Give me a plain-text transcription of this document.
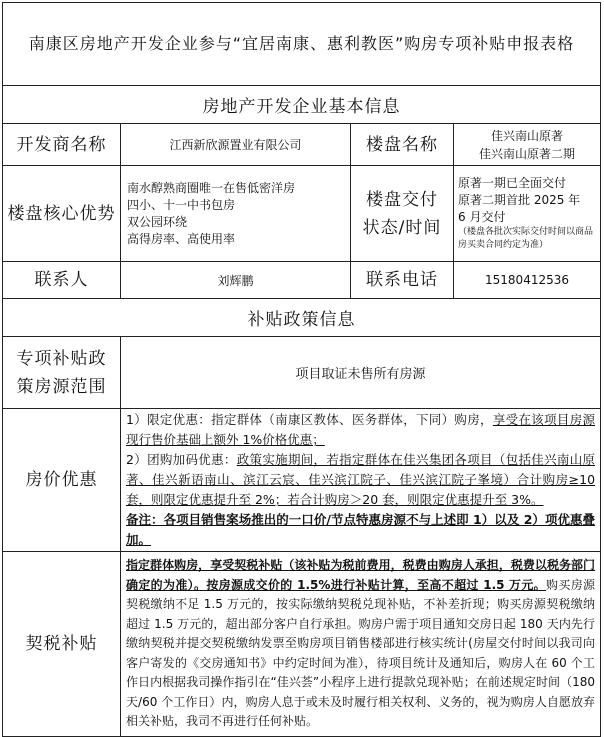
南康区房地产开发企业参与“宜居南康、惠利教医”购房专项补贴申报表格			
房地产开发企业基本信息			
开发商名称	江西新欣源置业有限公司	楼盘名称	佳兴南山原著
佳兴南山原著二期

楼盘核心优势	南水醇熟商圈唯一在售低密洋房
四小、十一中书包房
双公园环绕
高得房率、高使用率	楼盘交付状态/时间	原著一期已全面交付
原著二期首批 2025 年
6 月交付
（楼盘各批次实际交付时间以商品房买卖合同约定为准）

联系人	刘辉鹏	联系电话	15180412536
补贴政策信息			
专项补贴政策房源范围	项目取证未售所有房源		
房价优惠	1）限定优惠：指定群体（南康区教体、医务群体，下同）购房，享受在该项目房源现行售价基础上额外 1%价格优惠；
2）团购加码优惠：政策实施期间，若指定群体在佳兴集团各项目（包括佳兴南山原著、佳兴新语南山、滨江云宸、佳兴滨江院子、佳兴滨江院子峯境）合计购房≥10 套，则限定优惠提升至 2%；若合计购房＞20 套，则限定优惠提升至 3%。
备注：各项目销售案场推出的一口价/节点特惠房源不与上述即 1）以及 2）项优惠叠加。		
契税补贴	指定群体购房，享受契税补贴（该补贴为税前费用，税费由购房人承担，税费以税务部门确定的为准）。按房源成交价的 1.5%进行补贴计算，至高不超过 1.5 万元。购买房源契税缴纳不足 1.5 万元的，按实际缴纳契税兑现补贴，不补差折现；购买房源契税缴纳超过 1.5 万元的，超出部分客户自行承担。购房户需于项目通知交房日起 180 天内先行缴纳契税并提交契税缴纳发票至购房项目销售楼部进行核实统计(房屋交付时间以我司向客户寄发的《交房通知书》中约定时间为准），待项目统计及通知后，购房人在 60 个工作日内根据我司操作指引在“佳兴荟”小程序上进行提款兑现补贴；在前述规定时间（180 天/60 个工作日）内，购房人息于或未及时履行相关权利、义务的，视为购房人自愿放弃相关补贴，我司不再进行任何补贴。		
